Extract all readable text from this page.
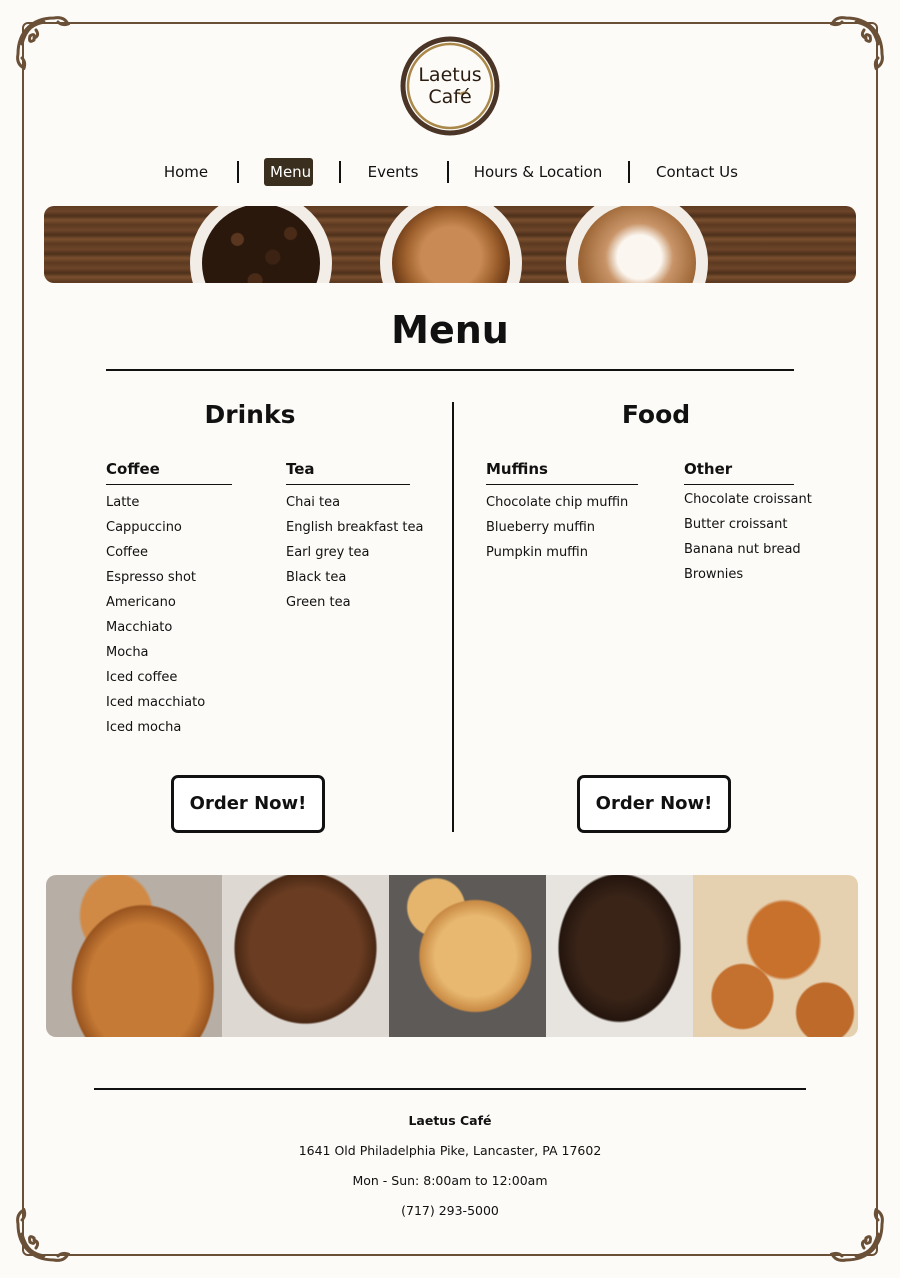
Laetus
Café
Home	Menu	Events	Hours & Location	Contact Us
Menu
Drinks
Coffee
Latte
Cappuccino
Coffee
Espresso shot
Americano
Macchiato
Mocha
Iced coffee
Iced macchiato
Iced mocha
Tea
Chai tea
English breakfast tea
Earl grey tea
Black tea
Green tea
Order Now!
Food
Muffins
Chocolate chip muffin
Blueberry muffin
Pumpkin muffin
Other
Chocolate croissant
Butter croissant
Banana nut bread
Brownies
Order Now!
Laetus Café
1641 Old Philadelphia Pike, Lancaster, PA 17602
Mon - Sun: 8:00am to 12:00am
(717) 293-5000
